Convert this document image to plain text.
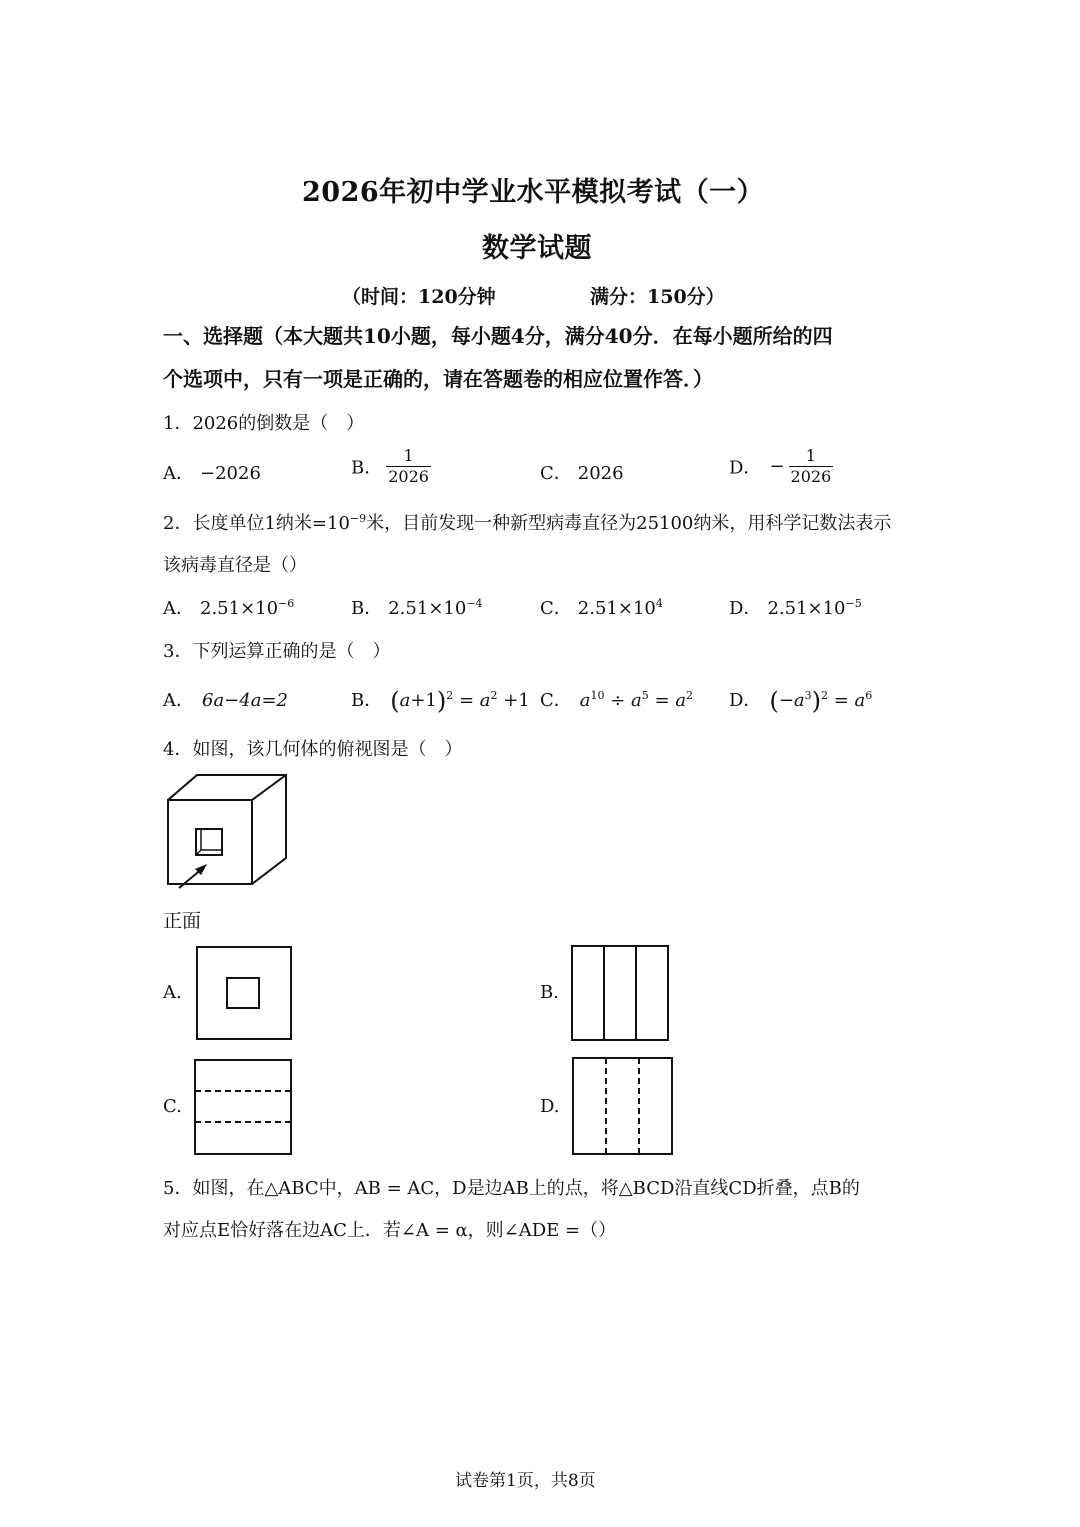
2026年初中学业水平模拟考试（一）
数学试题
（时间：120分钟	满分：150分）
一、选择题（本大题共10小题，每小题4分，满分40分．在每小题所给的四
个选项中，只有一项是正确的，请在答题卷的相应位置作答．）
1．2026的倒数是（　）
A． −2026	B． $\frac{1}{2026}$	C． 2026	D． − $\frac{1}{2026}$
2．长度单位1纳米$=10^{-9}$米，目前发现一种新型病毒直径为25100纳米，用科学记数法表示
该病毒直径是（）
A． $2.51\times 10^{-6}$	B． $2.51\times 10^{-4}$	C． $2.51\times 10^4$	D． $2.51\times 10^{-5}$
3．下列运算正确的是（　）
A． 6a−4a=2	B． $(a+1)^2 = a^2 +1$ C． $a^{10} \div a^5 = a^2$ D． $(-a^3)^2 = a^6$
4．如图，该几何体的俯视图是（　）
正面
A.	B.
C.	D.
5．如图，在△ABC中，AB = AC，D是边AB上的点，将△BCD沿直线CD折叠，点B的
对应点E恰好落在边AC上．若∠A = α，则∠ADE =（）
试卷第1页，共8页
